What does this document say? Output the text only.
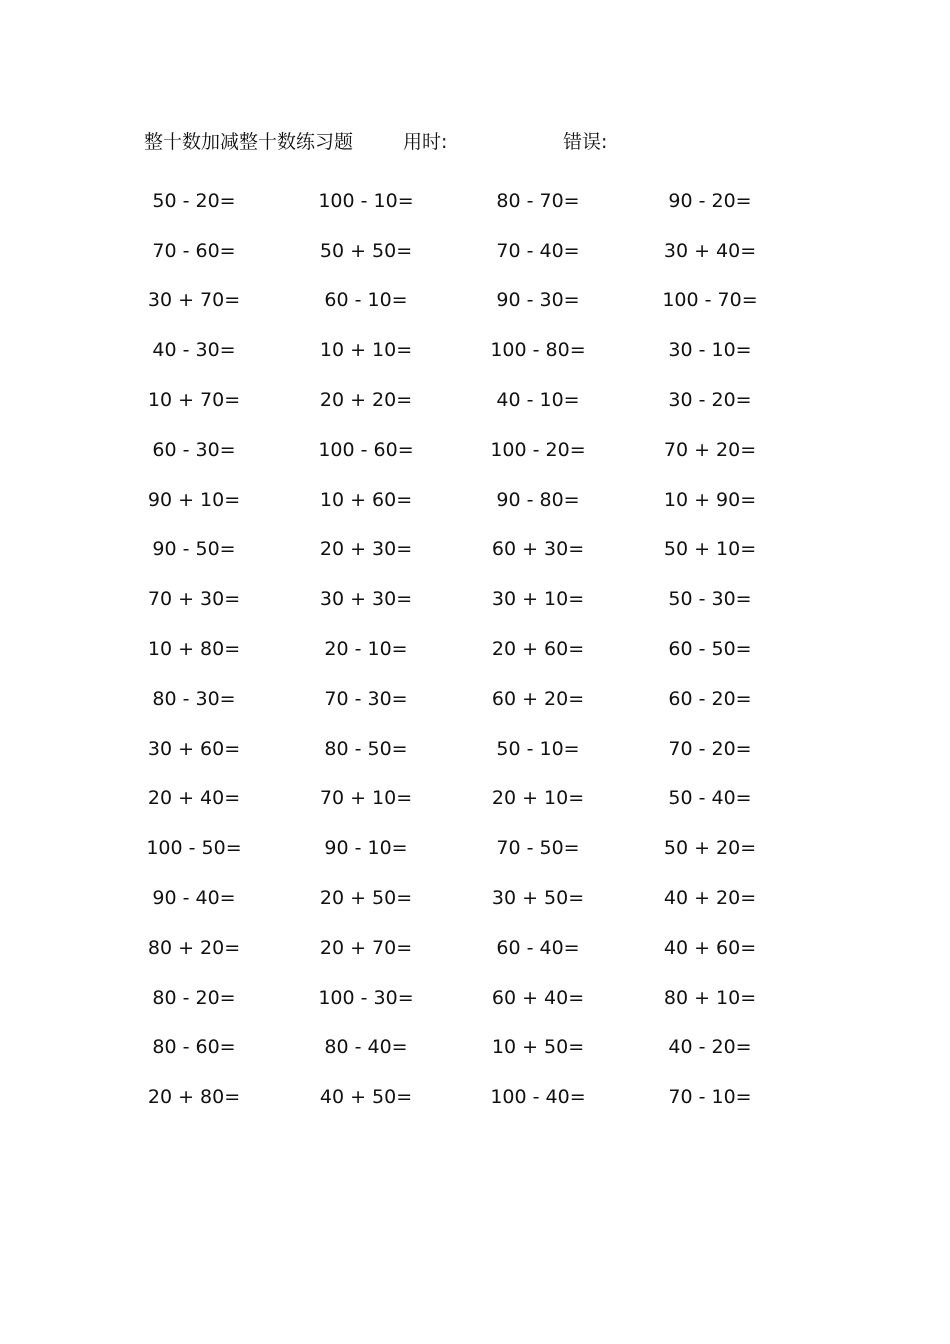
整十数加减整十数练习题	用时:	错误:
50 - 20=	100 - 10=	80 - 70=	90 - 20=
70 - 60=	50 + 50=	70 - 40=	30 + 40=
30 + 70=	60 - 10=	90 - 30=	100 - 70=
40 - 30=	10 + 10=	100 - 80=	30 - 10=
10 + 70=	20 + 20=	40 - 10=	30 - 20=
60 - 30=	100 - 60=	100 - 20=	70 + 20=
90 + 10=	10 + 60=	90 - 80=	10 + 90=
90 - 50=	20 + 30=	60 + 30=	50 + 10=
70 + 30=	30 + 30=	30 + 10=	50 - 30=
10 + 80=	20 - 10=	20 + 60=	60 - 50=
80 - 30=	70 - 30=	60 + 20=	60 - 20=
30 + 60=	80 - 50=	50 - 10=	70 - 20=
20 + 40=	70 + 10=	20 + 10=	50 - 40=
100 - 50=	90 - 10=	70 - 50=	50 + 20=
90 - 40=	20 + 50=	30 + 50=	40 + 20=
80 + 20=	20 + 70=	60 - 40=	40 + 60=
80 - 20=	100 - 30=	60 + 40=	80 + 10=
80 - 60=	80 - 40=	10 + 50=	40 - 20=
20 + 80=	40 + 50=	100 - 40=	70 - 10=
